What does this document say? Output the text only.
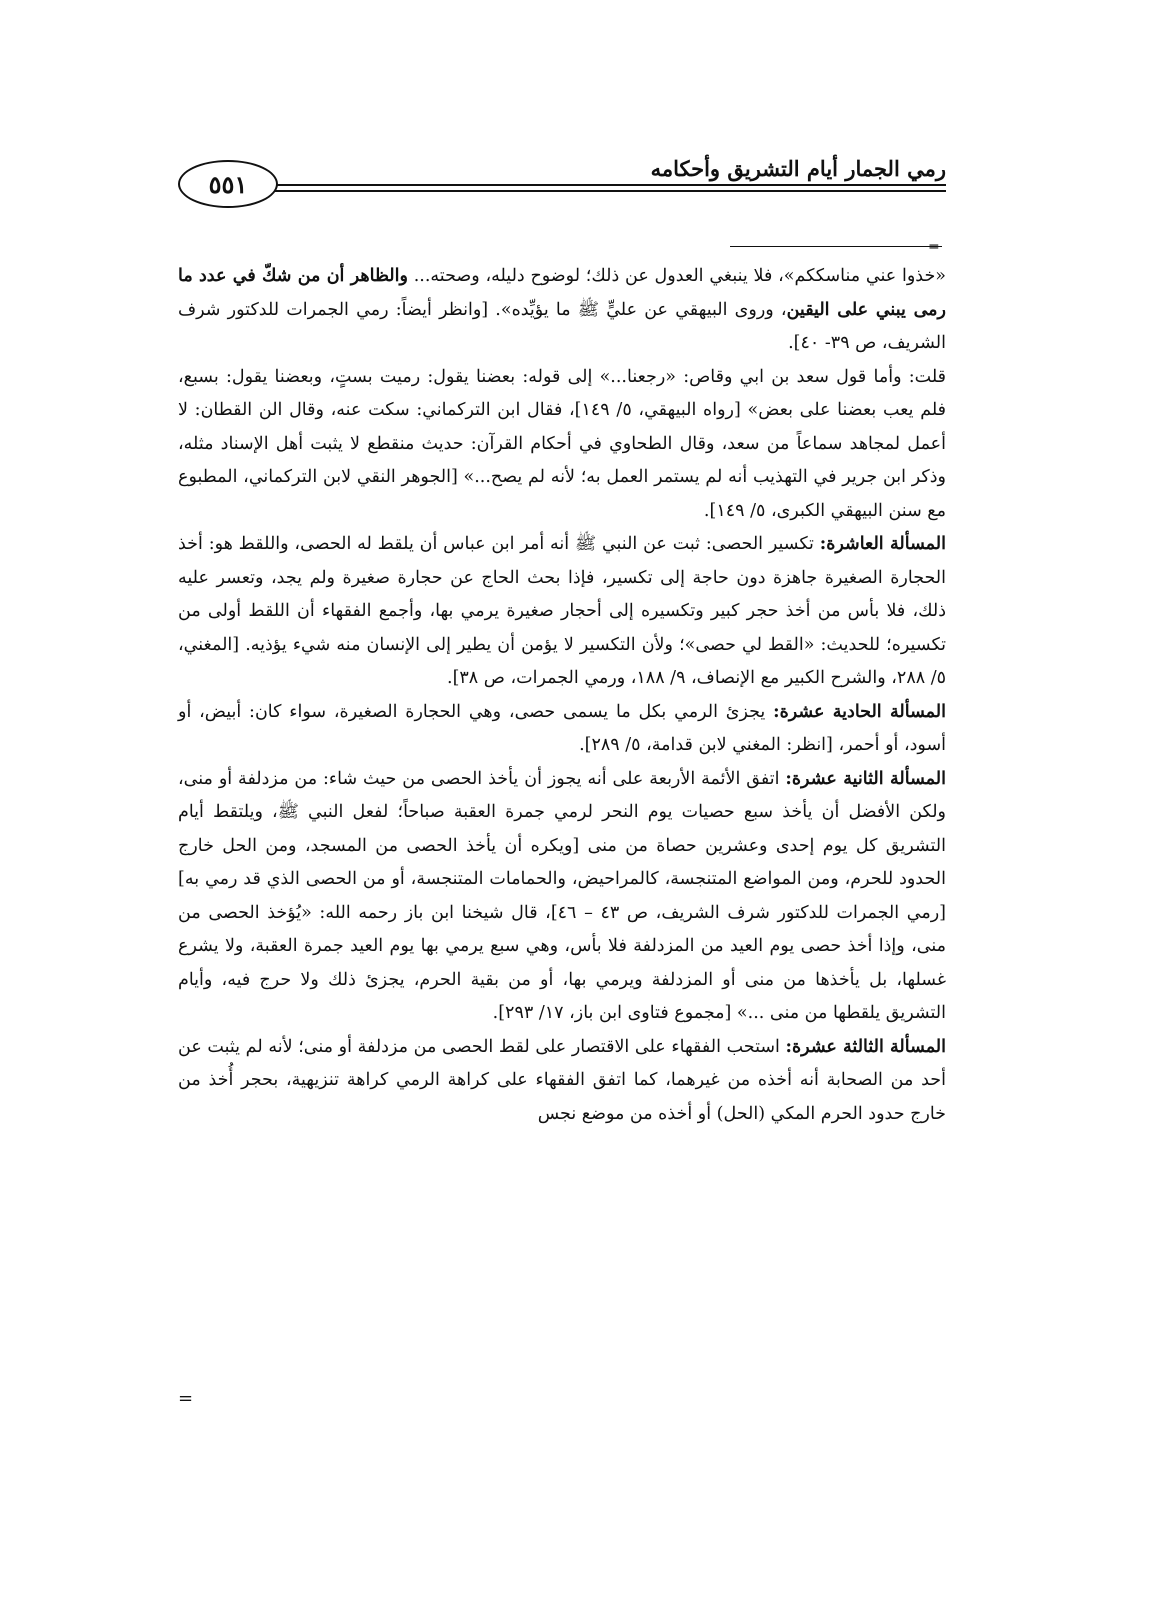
٥٥١
رمي الجمار أيام التشريق وأحكامه
=

«خذوا عني مناسككم»، فلا ينبغي العدول عن ذلك؛ لوضوح دليله، وصحته... والظاهر أن من شكّ في عدد ما رمى يبني على اليقين، وروى البيهقي عن عليٍّ ﷺ ما يؤيِّده». [وانظر أيضاً: رمي الجمرات للدكتور شرف الشريف، ص ٣٩- ٤٠].

قلت: وأما قول سعد بن ابي وقاص: «رجعنا...» إلى قوله: بعضنا يقول: رميت بستٍ، وبعضنا يقول: بسبع، فلم يعب بعضنا على بعض» [رواه البيهقي، ٥/ ١٤٩]، فقال ابن التركماني: سكت عنه، وقال الن القطان: لا أعمل لمجاهد سماعاً من سعد، وقال الطحاوي في أحكام القرآن: حديث منقطع لا يثبت أهل الإسناد مثله، وذكر ابن جرير في التهذيب أنه لم يستمر العمل به؛ لأنه لم يصح...» [الجوهر النقي لابن التركماني، المطبوع مع سنن البيهقي الكبرى، ٥/ ١٤٩].

المسألة العاشرة: تكسير الحصى: ثبت عن النبي ﷺ أنه أمر ابن عباس أن يلقط له الحصى، واللقط هو: أخذ الحجارة الصغيرة جاهزة دون حاجة إلى تكسير، فإذا بحث الحاج عن حجارة صغيرة ولم يجد، وتعسر عليه ذلك، فلا بأس من أخذ حجر كبير وتكسيره إلى أحجار صغيرة يرمي بها، وأجمع الفقهاء أن اللقط أولى من تكسيره؛ للحديث: «القط لي حصى»؛ ولأن التكسير لا يؤمن أن يطير إلى الإنسان منه شيء يؤذيه. [المغني، ٥/ ٢٨٨، والشرح الكبير مع الإنصاف، ٩/ ١٨٨، ورمي الجمرات، ص ٣٨].

المسألة الحادية عشرة: يجزئ الرمي بكل ما يسمى حصى، وهي الحجارة الصغيرة، سواء كان: أبيض، أو أسود، أو أحمر، [انظر: المغني لابن قدامة، ٥/ ٢٨٩].

المسألة الثانية عشرة: اتفق الأئمة الأربعة على أنه يجوز أن يأخذ الحصى من حيث شاء: من مزدلفة أو منى، ولكن الأفضل أن يأخذ سبع حصيات يوم النحر لرمي جمرة العقبة صباحاً؛ لفعل النبي ﷺ، ويلتقط أيام التشريق كل يوم إحدى وعشرين حصاة من منى [ويكره أن يأخذ الحصى من المسجد، ومن الحل خارج الحدود للحرم، ومن المواضع المتنجسة، كالمراحيض، والحمامات المتنجسة، أو من الحصى الذي قد رمي به] [رمي الجمرات للدكتور شرف الشريف، ص ٤٣ – ٤٦]، قال شيخنا ابن باز رحمه الله: «يُؤخذ الحصى من منى، وإذا أخذ حصى يوم العيد من المزدلفة فلا بأس، وهي سبع يرمي بها يوم العيد جمرة العقبة، ولا يشرع غسلها، بل يأخذها من منى أو المزدلفة ويرمي بها، أو من بقية الحرم، يجزئ ذلك ولا حرج فيه، وأيام التشريق يلقطها من منى ...» [مجموع فتاوى ابن باز، ١٧/ ٢٩٣].

المسألة الثالثة عشرة: استحب الفقهاء على الاقتصار على لقط الحصى من مزدلفة أو منى؛ لأنه لم يثبت عن أحد من الصحابة أنه أخذه من غيرهما، كما اتفق الفقهاء على كراهة الرمي كراهة تنزيهية، بحجر أُخذ من خارج حدود الحرم المكي (الحل) أو أخذه من موضع نجس

=
